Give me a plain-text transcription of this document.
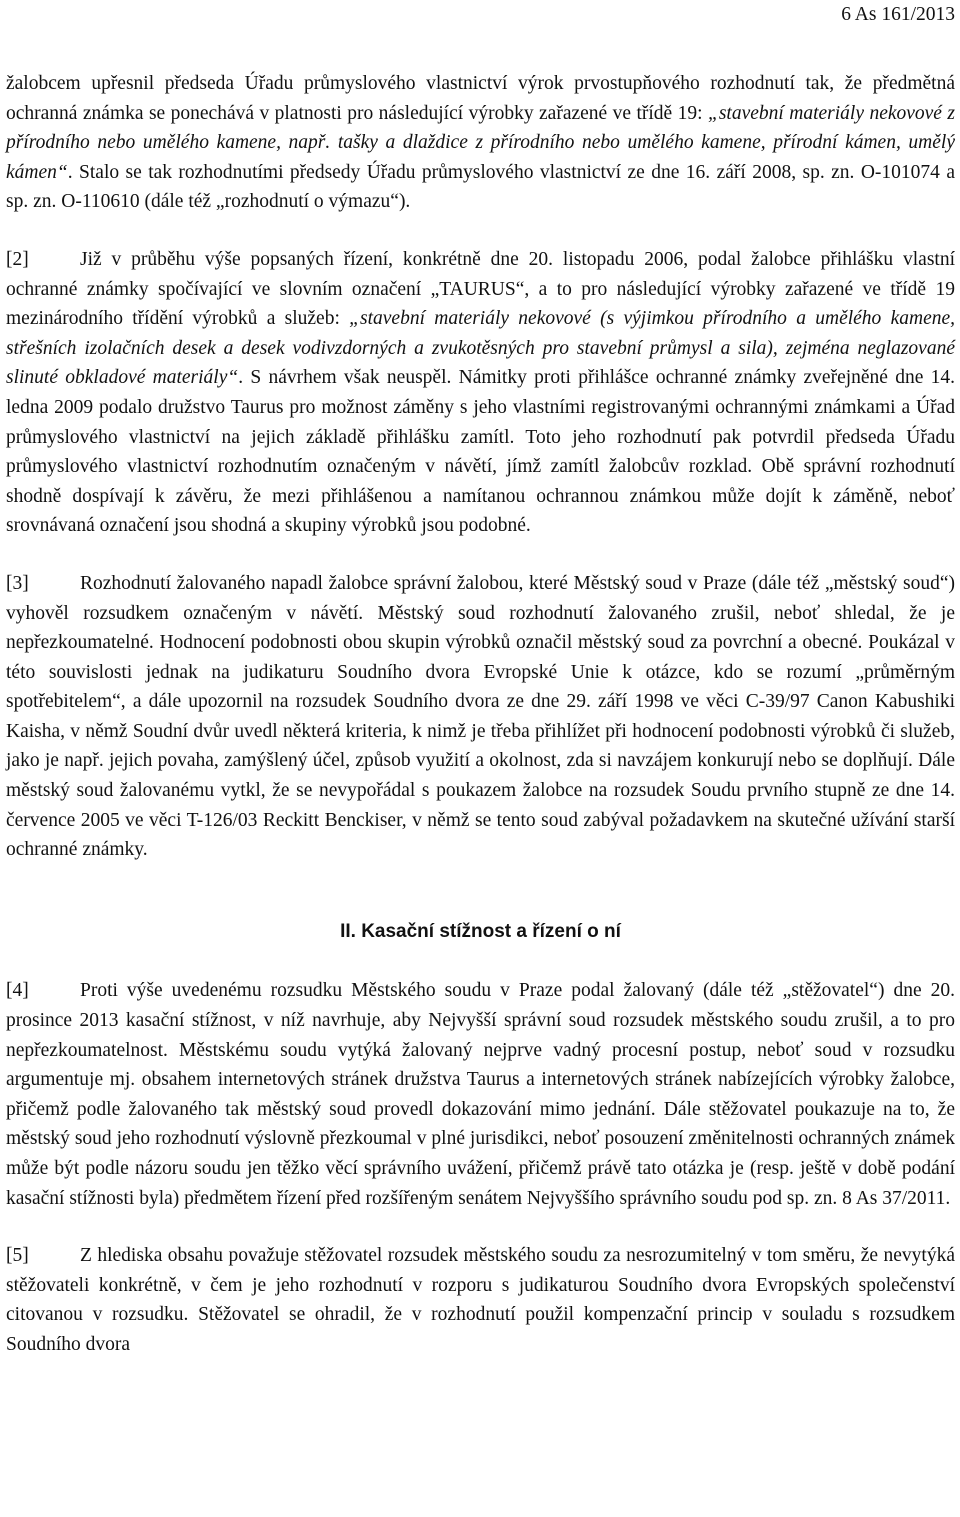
6 As 161/2013

žalobcem upřesnil předseda Úřadu průmyslového vlastnictví výrok prvostupňového rozhodnutí tak, že předmětná ochranná známka se ponechává v platnosti pro následující výrobky zařazené ve třídě 19: „stavební materiály nekovové z přírodního nebo umělého kamene, např. tašky a dlaždice z přírodního nebo umělého kamene, přírodní kámen, umělý kámen“. Stalo se tak rozhodnutími předsedy Úřadu průmyslového vlastnictví ze dne 16. září 2008, sp. zn. O-101074 a sp. zn. O-110610 (dále též „rozhodnutí o výmazu“).

[2]	Již v průběhu výše popsaných řízení, konkrétně dne 20. listopadu 2006, podal žalobce přihlášku vlastní ochranné známky spočívající ve slovním označení „TAURUS“, a to pro následující výrobky zařazené ve třídě 19 mezinárodního třídění výrobků a služeb: „stavební materiály nekovové (s výjimkou přírodního a umělého kamene, střešních izolačních desek a desek vodivzdorných a zvukotěsných pro stavební průmysl a sila), zejména neglazované slinuté obkladové materiály“. S návrhem však neuspěl. Námitky proti přihlášce ochranné známky zveřejněné dne 14. ledna 2009 podalo družstvo Taurus pro možnost záměny s jeho vlastními registrovanými ochrannými známkami a Úřad průmyslového vlastnictví na jejich základě přihlášku zamítl. Toto jeho rozhodnutí pak potvrdil předseda Úřadu průmyslového vlastnictví rozhodnutím označeným v návětí, jímž zamítl žalobcův rozklad. Obě správní rozhodnutí shodně dospívají k závěru, že mezi přihlášenou a namítanou ochrannou známkou může dojít k záměně, neboť srovnávaná označení jsou shodná a skupiny výrobků jsou podobné.

[3]	Rozhodnutí žalovaného napadl žalobce správní žalobou, které Městský soud v Praze (dále též „městský soud“) vyhověl rozsudkem označeným v návětí. Městský soud rozhodnutí žalovaného zrušil, neboť shledal, že je nepřezkoumatelné. Hodnocení podobnosti obou skupin výrobků označil městský soud za povrchní a obecné. Poukázal v této souvislosti jednak na judikaturu Soudního dvora Evropské Unie k otázce, kdo se rozumí „průměrným spotřebitelem“, a dále upozornil na rozsudek Soudního dvora ze dne 29. září 1998 ve věci C-39/97 Canon Kabushiki Kaisha, v němž Soudní dvůr uvedl některá kriteria, k nimž je třeba přihlížet při hodnocení podobnosti výrobků či služeb, jako je např. jejich povaha, zamýšlený účel, způsob využití a okolnost, zda si navzájem konkurují nebo se doplňují. Dále městský soud žalovanému vytkl, že se nevypořádal s poukazem žalobce na rozsudek Soudu prvního stupně ze dne 14. července 2005 ve věci T-126/03 Reckitt Benckiser, v němž se tento soud zabýval požadavkem na skutečné užívání starší ochranné známky.

II. Kasační stížnost a řízení o ní

[4]	Proti výše uvedenému rozsudku Městského soudu v Praze podal žalovaný (dále též „stěžovatel“) dne 20. prosince 2013 kasační stížnost, v níž navrhuje, aby Nejvyšší správní soud rozsudek městského soudu zrušil, a to pro nepřezkoumatelnost. Městskému soudu vytýká žalovaný nejprve vadný procesní postup, neboť soud v rozsudku argumentuje mj. obsahem internetových stránek družstva Taurus a internetových stránek nabízejících výrobky žalobce, přičemž podle žalovaného tak městský soud provedl dokazování mimo jednání. Dále stěžovatel poukazuje na to, že městský soud jeho rozhodnutí výslovně přezkoumal v plné jurisdikci, neboť posouzení změnitelnosti ochranných známek může být podle názoru soudu jen těžko věcí správního uvážení, přičemž právě tato otázka je (resp. ještě v době podání kasační stížnosti byla) předmětem řízení před rozšířeným senátem Nejvyššího správního soudu pod sp. zn. 8 As 37/2011.

[5]	Z hlediska obsahu považuje stěžovatel rozsudek městského soudu za nesrozumitelný v tom směru, že nevytýká stěžovateli konkrétně, v čem je jeho rozhodnutí v rozporu s judikaturou Soudního dvora Evropských společenství citovanou v rozsudku. Stěžovatel se ohradil, že v rozhodnutí použil kompenzační princip v souladu s rozsudkem Soudního dvora
